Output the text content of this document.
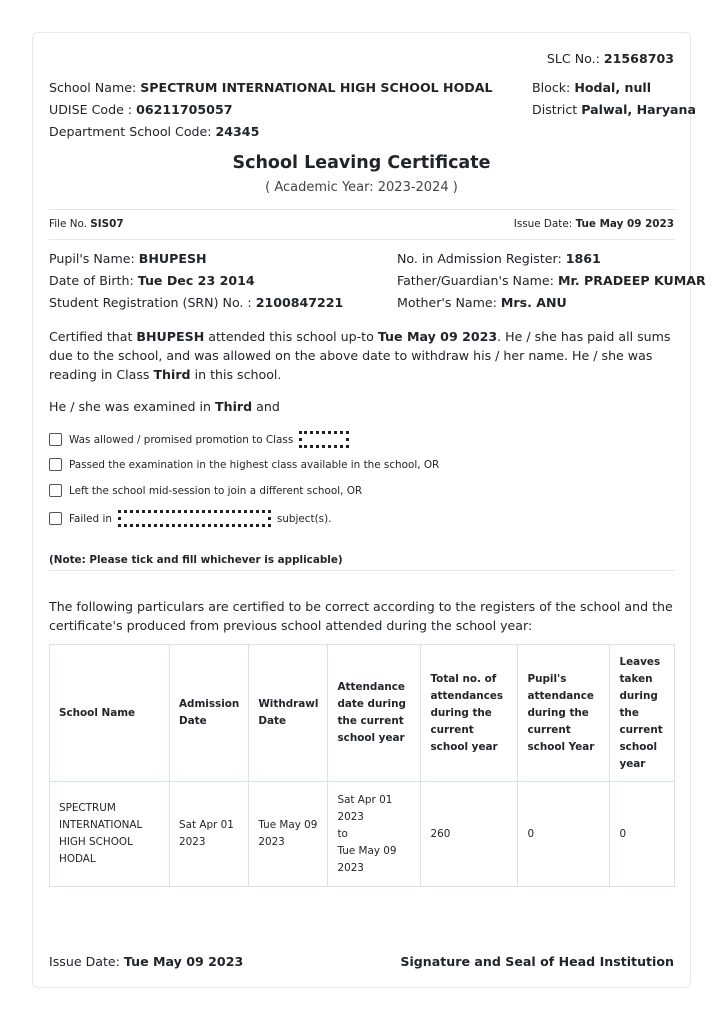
SLC No.: 21568703
School Name: SPECTRUM INTERNATIONAL HIGH SCHOOL HODAL
UDISE Code : 06211705057
Department School Code: 24345
Block: Hodal, null
District Palwal, Haryana
School Leaving Certificate
( Academic Year: 2023-2024 )
File No. SIS07	Issue Date: Tue May 09 2023
Pupil's Name: BHUPESH
Date of Birth: Tue Dec 23 2014
Student Registration (SRN) No. : 2100847221
No. in Admission Register: 1861
Father/Guardian's Name: Mr. PRADEEP KUMAR
Mother's Name: Mrs. ANU
Certified that BHUPESH attended this school up-to Tue May 09 2023. He / she has paid all sums due to the school, and was allowed on the above date to withdraw his / her name. He / she was reading in Class Third in this school.
He / she was examined in Third and
Was allowed / promised promotion to Class
Passed the examination in the highest class available in the school, OR
Left the school mid-session to join a different school, OR
Failed in	subject(s).
(Note: Please tick and fill whichever is applicable)
The following particulars are certified to be correct according to the registers of the school and the certificate's produced from previous school attended during the school year:
School Name	Admission Date	Withdrawl Date	Attendance date during the current school year	Total no. of attendances during the current school year	Pupil's attendance during the current school Year	Leaves taken during the current school year
SPECTRUM INTERNATIONAL HIGH SCHOOL HODAL	Sat Apr 01 2023	Tue May 09 2023	Sat Apr 01 2023
to
Tue May 09 2023	260	0	0
Issue Date: Tue May 09 2023	Signature and Seal of Head Institution
